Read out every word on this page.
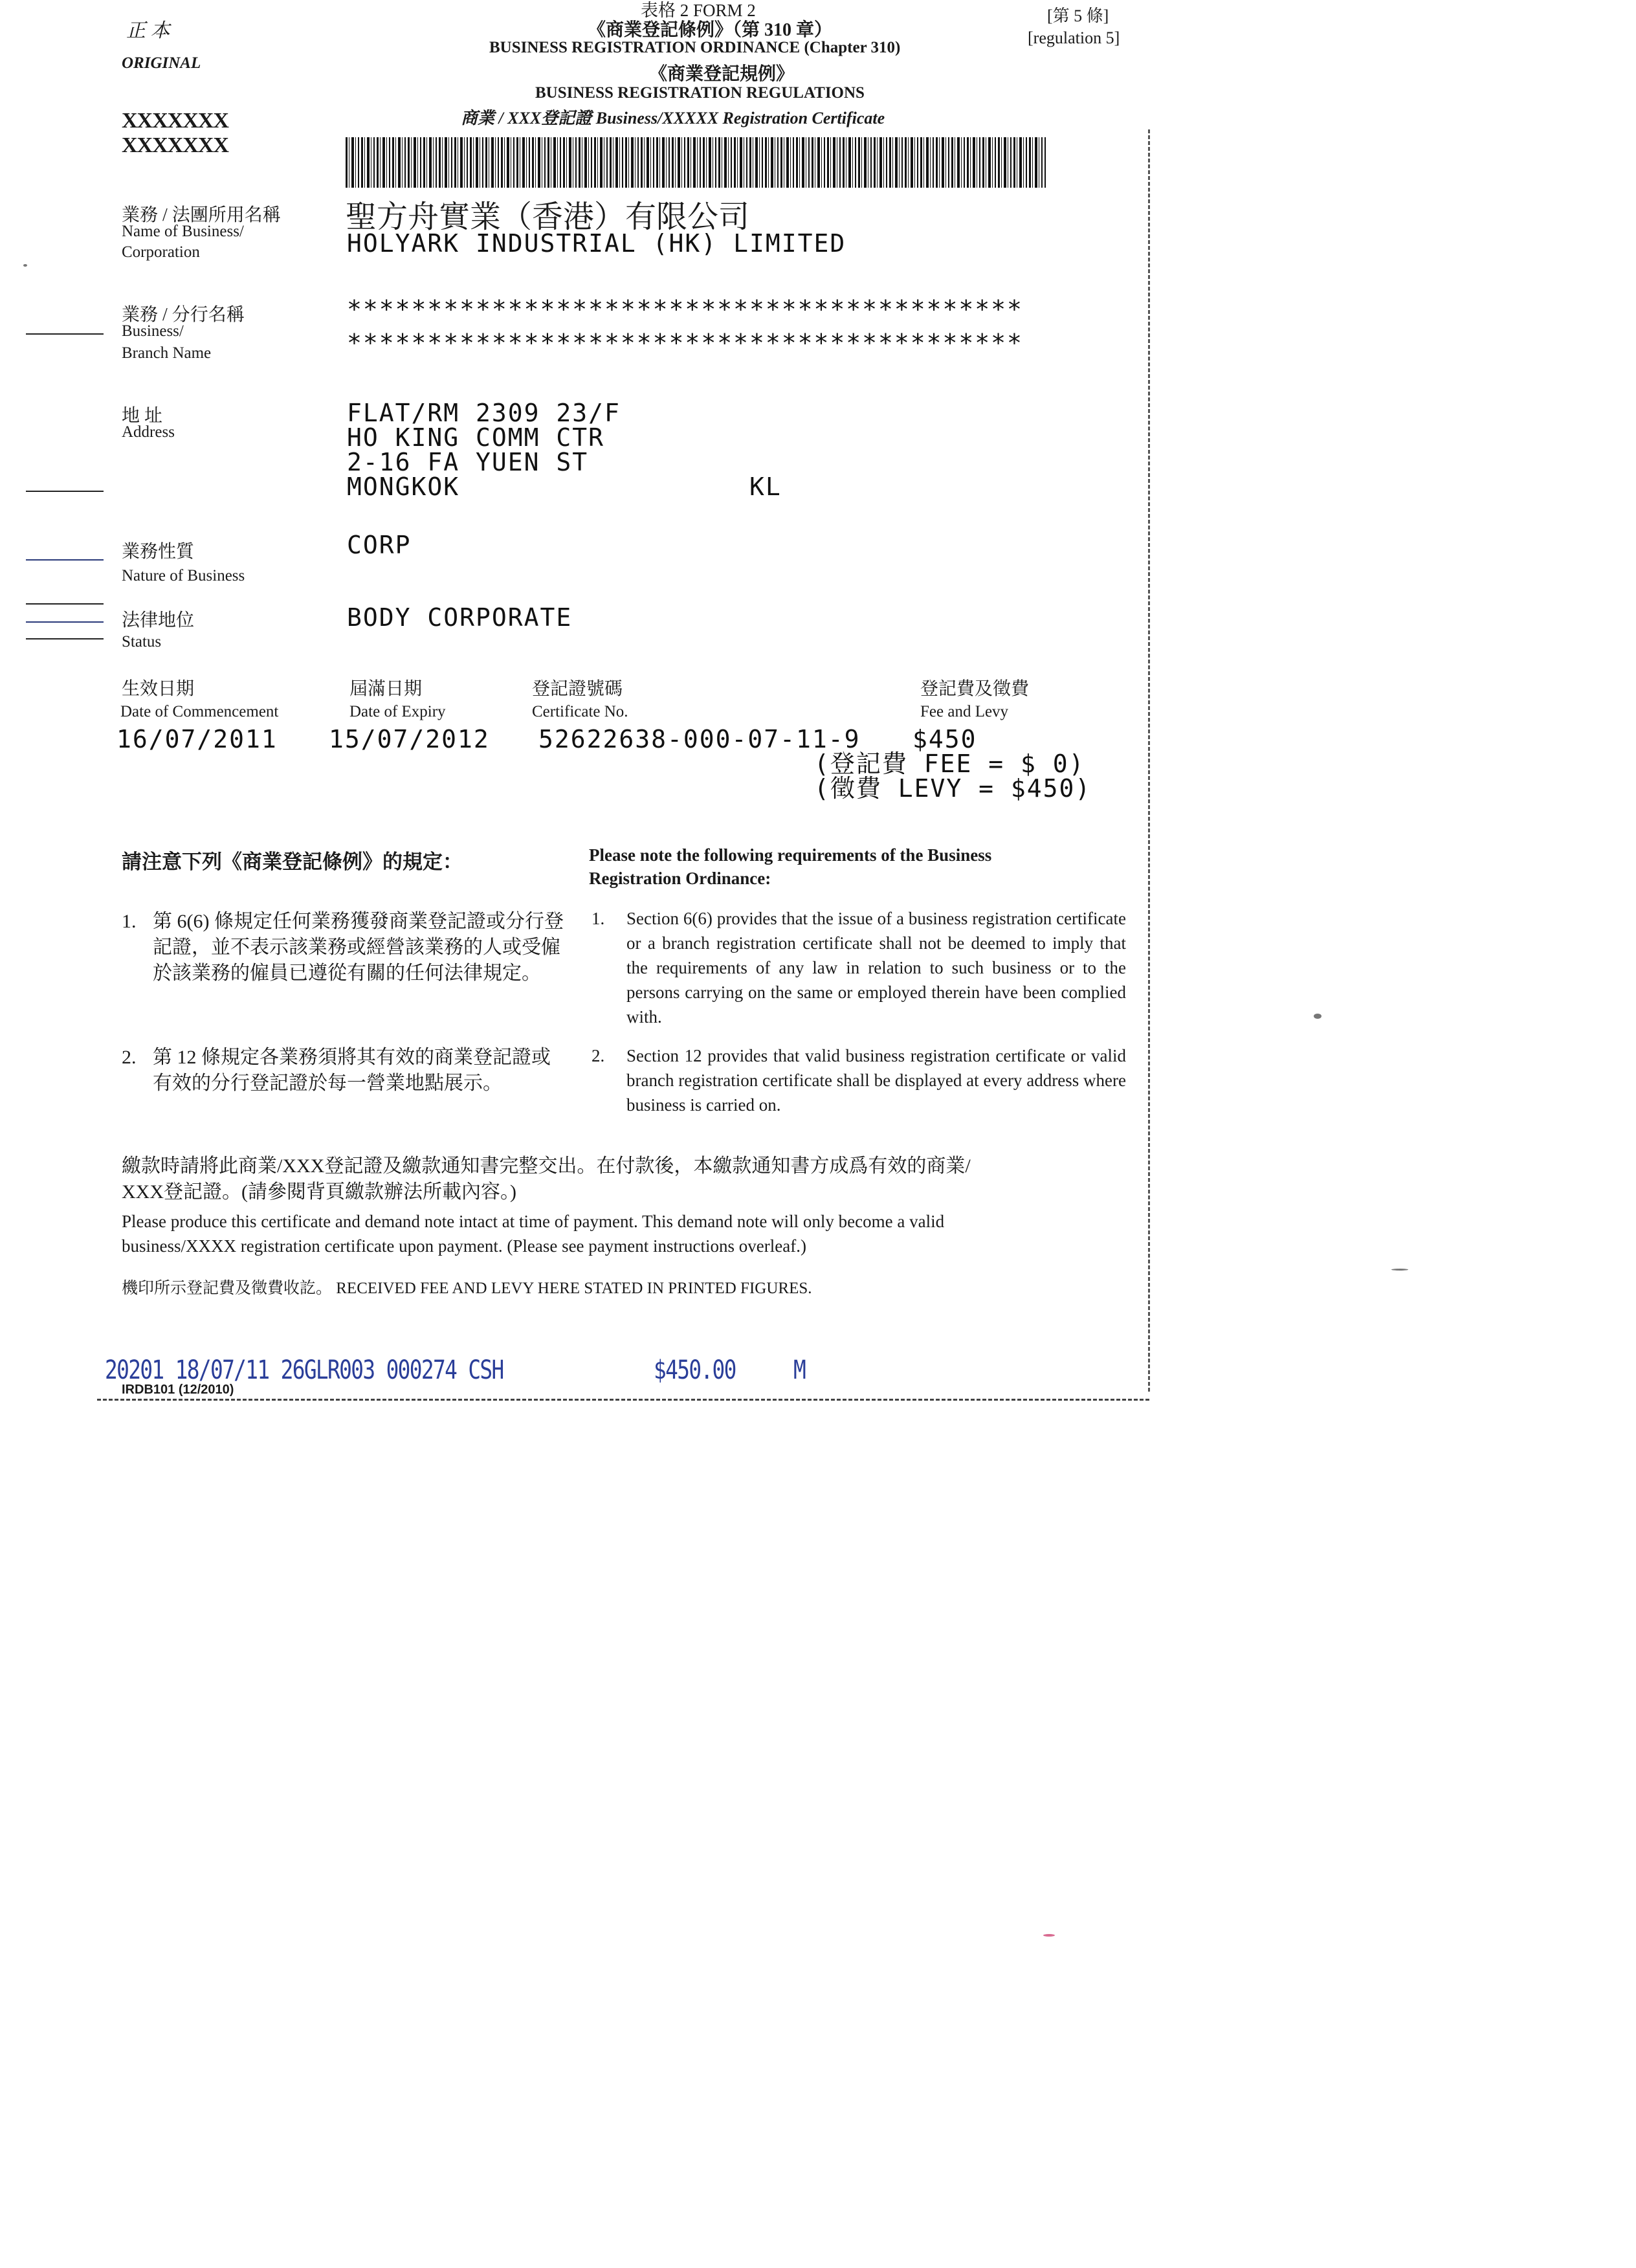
正 本
ORIGINAL
表格 2 FORM 2
《商業登記條例》（第 310 章）
BUSINESS REGISTRATION ORDINANCE (Chapter 310)
《商業登記規例》
BUSINESS REGISTRATION REGULATIONS
商業 / XXX登記證 Business/XXXXX Registration Certificate
[第 5 條]
[regulation 5]
XXXXXXX
XXXXXXX
業務 / 法團所用名稱
Name of Business/
Corporation
聖方舟實業（香港）有限公司
HOLYARK INDUSTRIAL (HK) LIMITED
業務 / 分行名稱
Business/
Branch Name
******************************************
******************************************
地 址
Address
FLAT/RM 2309 23/F
HO KING COMM CTR
2-16 FA YUEN ST
MONGKOK	KL
業務性質
Nature of Business
CORP
法律地位
Status
BODY CORPORATE
生效日期
Date of Commencement
16/07/2011
屆滿日期
Date of Expiry
15/07/2012
登記證號碼
Certificate No.
52622638-000-07-11-9
登記費及徵費
Fee and Levy
$450
(登記費 FEE = $ 0)
(徵費 LEVY = $450)
請注意下列《商業登記條例》的規定：	Please note the following requirements of the Business
Registration Ordinance:
1. 第 6(6) 條規定任何業務獲發商業登記證或分行登記證，並不表示該業務或經營該業務的人或受僱於該業務的僱員已遵從有關的任何法律規定。
1. Section 6(6) provides that the issue of a business registration certificate or a branch registration certificate shall not be deemed to imply that the requirements of any law in relation to such business or to the persons carrying on the same or employed therein have been complied with.
2. 第 12 條規定各業務須將其有效的商業登記證或有效的分行登記證於每一營業地點展示。
2. Section 12 provides that valid business registration certificate or valid branch registration certificate shall be displayed at every address where business is carried on.
繳款時請將此商業/XXX登記證及繳款通知書完整交出。在付款後，本繳款通知書方成爲有效的商業/
XXX登記證。(請參閱背頁繳款辦法所載內容。)
Please produce this certificate and demand note intact at time of payment. This demand note will only become a valid
business/XXXX registration certificate upon payment. (Please see payment instructions overleaf.)
機印所示登記費及徵費收訖。 RECEIVED FEE AND LEVY HERE STATED IN PRINTED FIGURES.
20201 18/07/11 26GLR003 000274 CSH	$450.00 M
IRDB101 (12/2010)
